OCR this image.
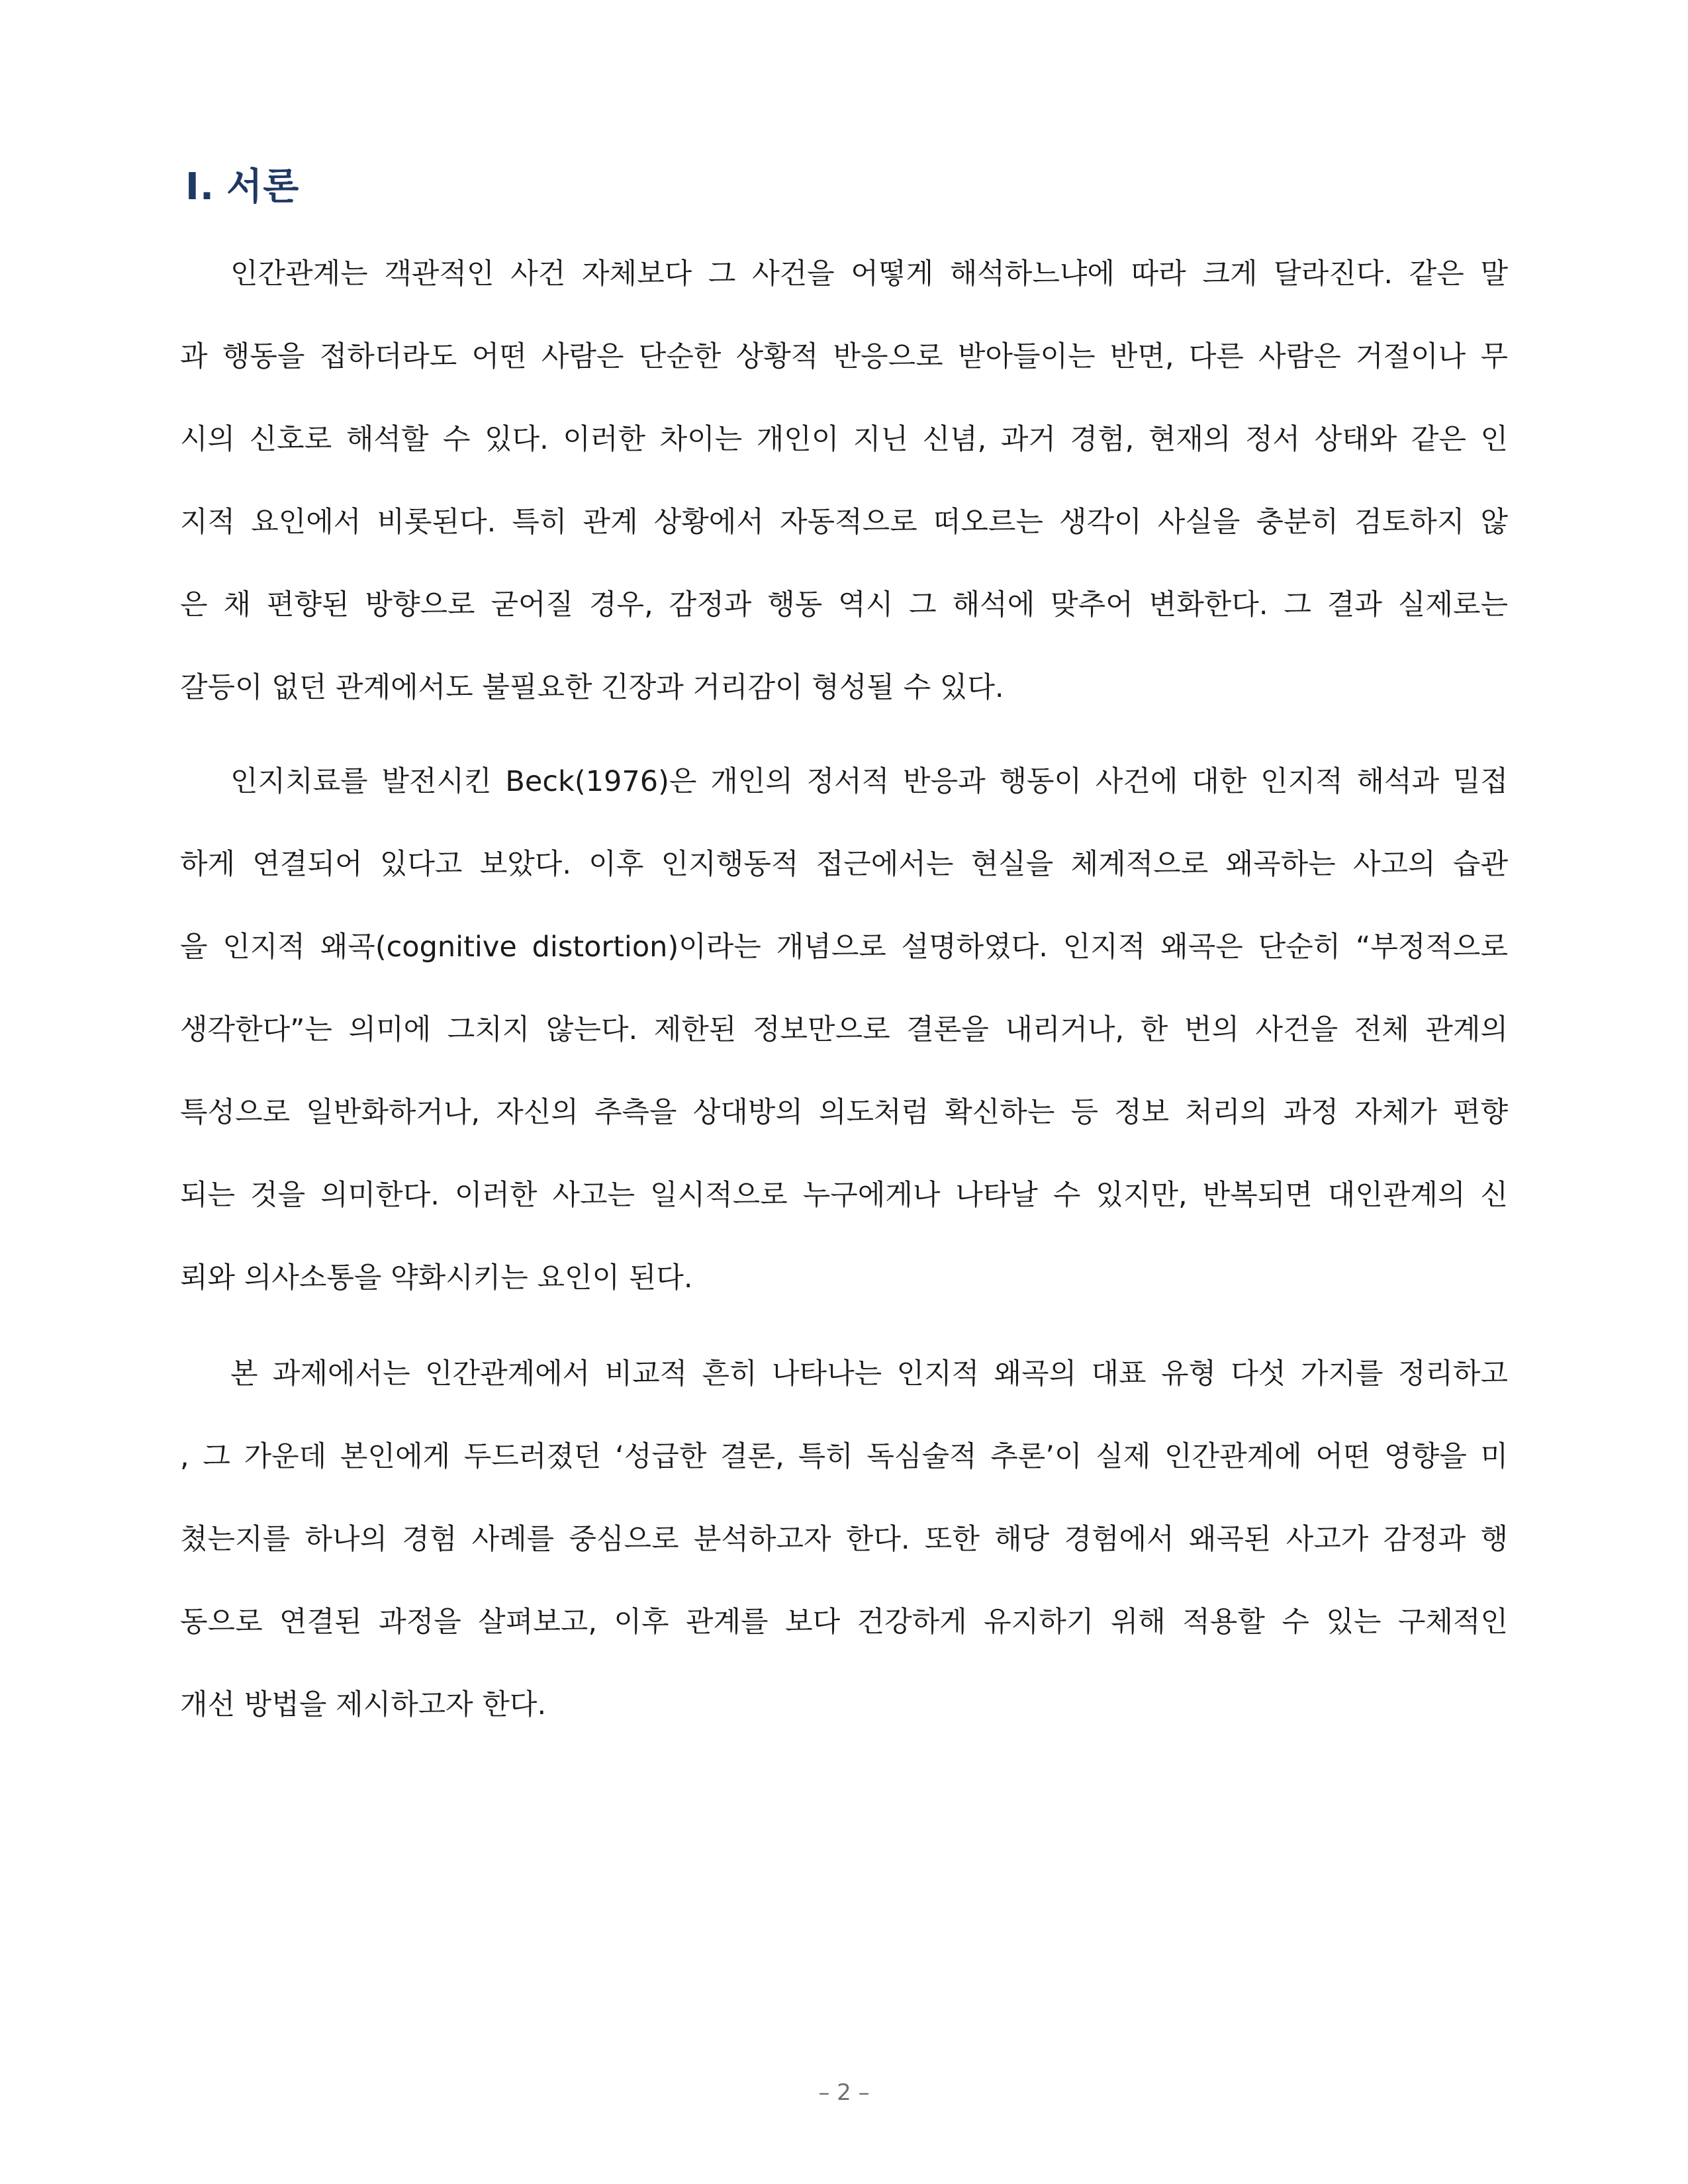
Ⅰ. 서론
인간관계는 객관적인 사건 자체보다 그 사건을 어떻게 해석하느냐에 따라 크게 달라진다. 같은 말
과 행동을 접하더라도 어떤 사람은 단순한 상황적 반응으로 받아들이는 반면, 다른 사람은 거절이나 무
시의 신호로 해석할 수 있다. 이러한 차이는 개인이 지닌 신념, 과거 경험, 현재의 정서 상태와 같은 인
지적 요인에서 비롯된다. 특히 관계 상황에서 자동적으로 떠오르는 생각이 사실을 충분히 검토하지 않
은 채 편향된 방향으로 굳어질 경우, 감정과 행동 역시 그 해석에 맞추어 변화한다. 그 결과 실제로는
갈등이 없던 관계에서도 불필요한 긴장과 거리감이 형성될 수 있다.
인지치료를 발전시킨 Beck(1976)은 개인의 정서적 반응과 행동이 사건에 대한 인지적 해석과 밀접
하게 연결되어 있다고 보았다. 이후 인지행동적 접근에서는 현실을 체계적으로 왜곡하는 사고의 습관
을 인지적 왜곡(cognitive distortion)이라는 개념으로 설명하였다. 인지적 왜곡은 단순히 “부정적으로
생각한다”는 의미에 그치지 않는다. 제한된 정보만으로 결론을 내리거나, 한 번의 사건을 전체 관계의
특성으로 일반화하거나, 자신의 추측을 상대방의 의도처럼 확신하는 등 정보 처리의 과정 자체가 편향
되는 것을 의미한다. 이러한 사고는 일시적으로 누구에게나 나타날 수 있지만, 반복되면 대인관계의 신
뢰와 의사소통을 약화시키는 요인이 된다.
본 과제에서는 인간관계에서 비교적 흔히 나타나는 인지적 왜곡의 대표 유형 다섯 가지를 정리하고
, 그 가운데 본인에게 두드러졌던 ‘성급한 결론, 특히 독심술적 추론’이 실제 인간관계에 어떤 영향을 미
쳤는지를 하나의 경험 사례를 중심으로 분석하고자 한다. 또한 해당 경험에서 왜곡된 사고가 감정과 행
동으로 연결된 과정을 살펴보고, 이후 관계를 보다 건강하게 유지하기 위해 적용할 수 있는 구체적인
개선 방법을 제시하고자 한다.
– 2 –
